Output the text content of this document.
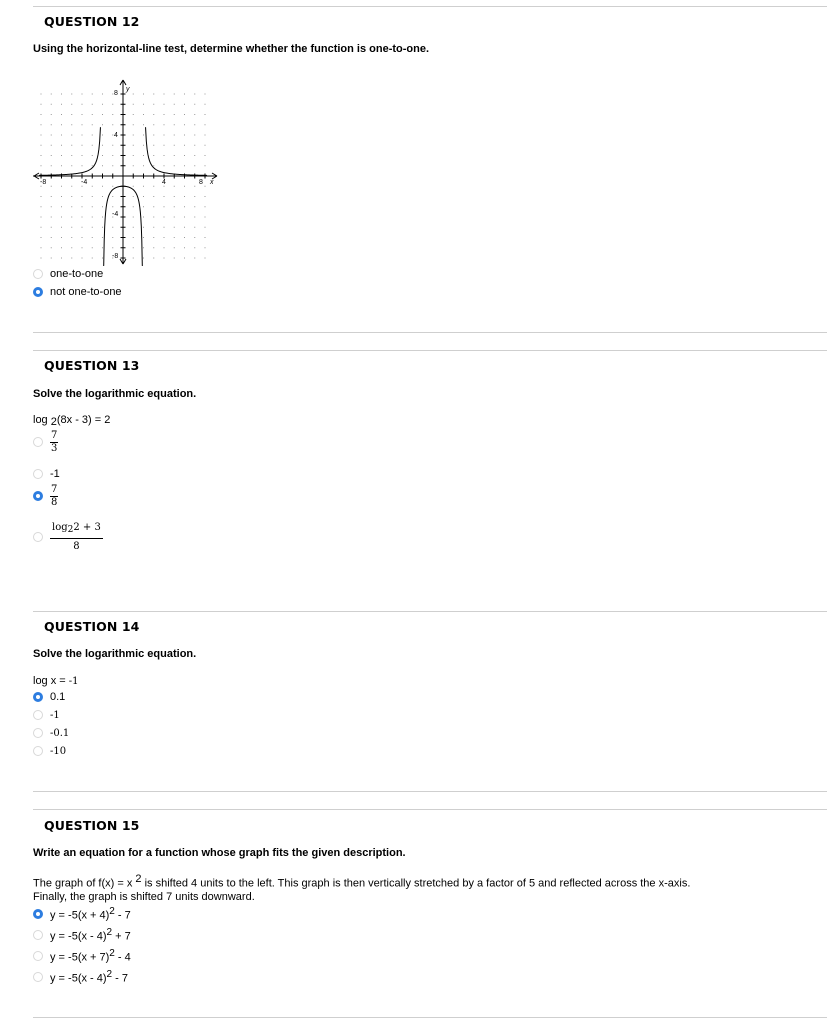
QUESTION 12
Using the horizontal-line test, determine whether the function is one-to-one.
-8	-4	4	8
8
4
-4
-8
y
x
one-to-one
not one-to-one
QUESTION 13
Solve the logarithmic equation.
log $_2$(8x - 3) = 2
$\frac{7}{3}$
-1
$\frac{7}{8}$
$\frac{\log_22 + 3}{8}$
QUESTION 14
Solve the logarithmic equation.
log x = -1
0.1
-1
-0.1
-10
QUESTION 15
Write an equation for a function whose graph fits the given description.
The graph of f(x) = x $^2$ is shifted 4 units to the left. This graph is then vertically stretched by a factor of 5 and reflected across the x-axis.
Finally, the graph is shifted 7 units downward.
$y = -5(x + 4)^2 - 7$
y = -5(x - 4)$^2$ + 7
$y = -5(x + 7)^2 - 4$
y = -5(x - 4)$^2$ - 7
